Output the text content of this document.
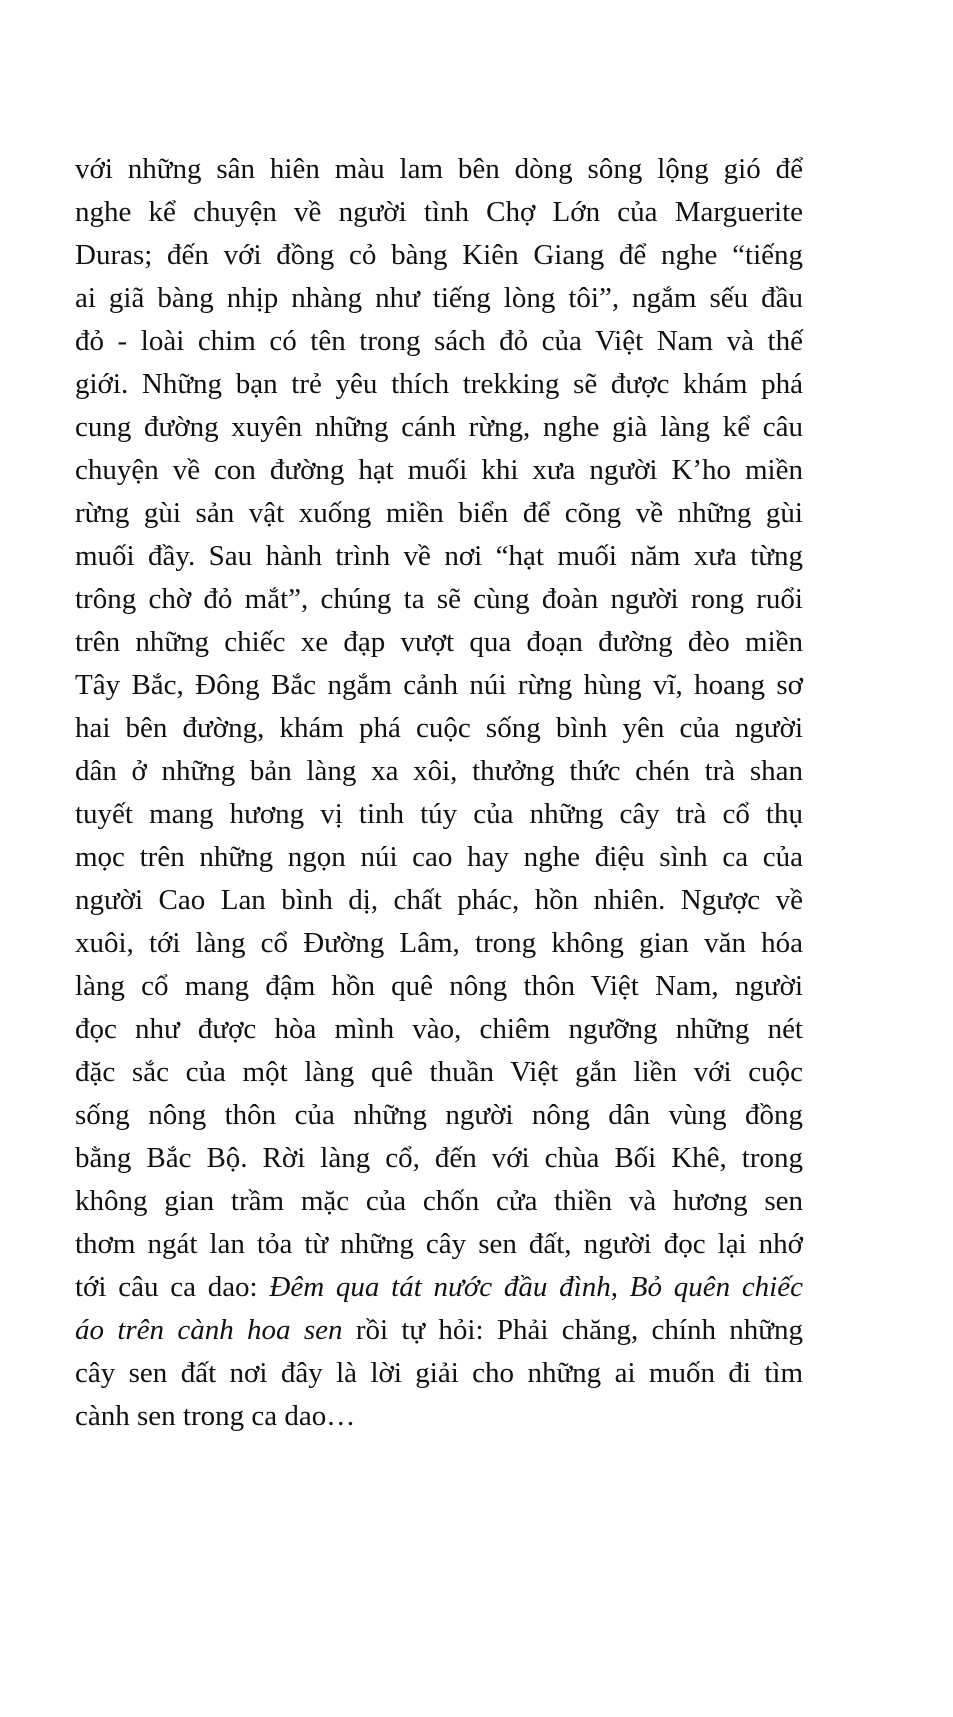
với những sân hiên màu lam bên dòng sông lộng gió để
nghe kể chuyện về người tình Chợ Lớn của Marguerite
Duras; đến với đồng cỏ bàng Kiên Giang để nghe “tiếng
ai giã bàng nhịp nhàng như tiếng lòng tôi”, ngắm sếu đầu
đỏ - loài chim có tên trong sách đỏ của Việt Nam và thế
giới. Những bạn trẻ yêu thích trekking sẽ được khám phá
cung đường xuyên những cánh rừng, nghe già làng kể câu
chuyện về con đường hạt muối khi xưa người K’ho miền
rừng gùi sản vật xuống miền biển để cõng về những gùi
muối đầy. Sau hành trình về nơi “hạt muối năm xưa từng
trông chờ đỏ mắt”, chúng ta sẽ cùng đoàn người rong ruổi
trên những chiếc xe đạp vượt qua đoạn đường đèo miền
Tây Bắc, Đông Bắc ngắm cảnh núi rừng hùng vĩ, hoang sơ
hai bên đường, khám phá cuộc sống bình yên của người
dân ở những bản làng xa xôi, thưởng thức chén trà shan
tuyết mang hương vị tinh túy của những cây trà cổ thụ
mọc trên những ngọn núi cao hay nghe điệu sình ca của
người Cao Lan bình dị, chất phác, hồn nhiên. Ngược về
xuôi, tới làng cổ Đường Lâm, trong không gian văn hóa
làng cổ mang đậm hồn quê nông thôn Việt Nam, người
đọc như được hòa mình vào, chiêm ngưỡng những nét
đặc sắc của một làng quê thuần Việt gắn liền với cuộc
sống nông thôn của những người nông dân vùng đồng
bằng Bắc Bộ. Rời làng cổ, đến với chùa Bối Khê, trong
không gian trầm mặc của chốn cửa thiền và hương sen
thơm ngát lan tỏa từ những cây sen đất, người đọc lại nhớ
tới câu ca dao: Đêm qua tát nước đầu đình, Bỏ quên chiếc
áo trên cành hoa sen rồi tự hỏi: Phải chăng, chính những
cây sen đất nơi đây là lời giải cho những ai muốn đi tìm
cành sen trong ca dao…
